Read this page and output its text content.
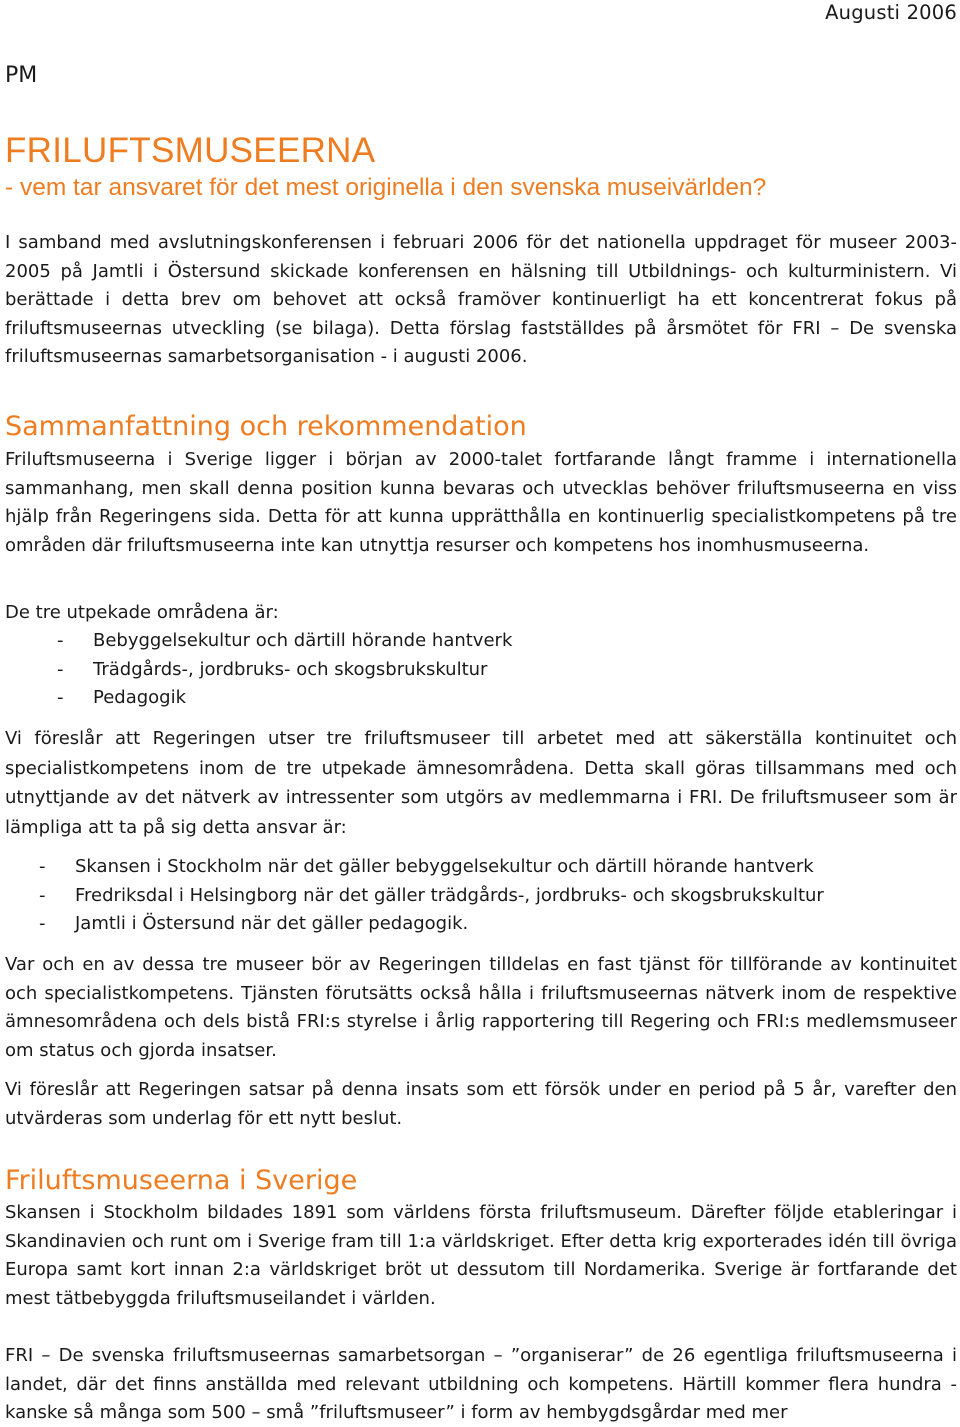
Augusti 2006
PM
FRILUFTSMUSEERNA
- vem tar ansvaret för det mest originella i den svenska museivärlden?
I samband med avslutningskonferensen i februari 2006 för det nationella uppdraget för museer 2003-2005 på Jamtli i Östersund skickade konferensen en hälsning till Utbildnings- och kulturministern. Vi berättade i detta brev om behovet att också framöver kontinuerligt ha ett koncentrerat fokus på friluftsmuseernas utveckling (se bilaga). Detta förslag fastställdes på årsmötet för FRI – De svenska friluftsmuseernas samarbetsorganisation - i augusti 2006.
Sammanfattning och rekommendation
Friluftsmuseerna i Sverige ligger i början av 2000-talet fortfarande långt framme i internationella sammanhang, men skall denna position kunna bevaras och utvecklas behöver friluftsmuseerna en viss hjälp från Regeringens sida. Detta för att kunna upprätthålla en kontinuerlig specialistkompetens på tre områden där friluftsmuseerna inte kan utnyttja resurser och kompetens hos inomhusmuseerna.
De tre utpekade områdena är:
-	Bebyggelsekultur och därtill hörande hantverk
-	Trädgårds-, jordbruks- och skogsbrukskultur
-	Pedagogik
Vi föreslår att Regeringen utser tre friluftsmuseer till arbetet med att säkerställa kontinuitet och specialistkompetens inom de tre utpekade ämnesområdena. Detta skall göras tillsammans med och utnyttjande av det nätverk av intressenter som utgörs av medlemmarna i FRI. De friluftsmuseer som är lämpliga att ta på sig detta ansvar är:
-	Skansen i Stockholm när det gäller bebyggelsekultur och därtill hörande hantverk
-	Fredriksdal i Helsingborg när det gäller trädgårds-, jordbruks- och skogsbrukskultur
-	Jamtli i Östersund när det gäller pedagogik.
Var och en av dessa tre museer bör av Regeringen tilldelas en fast tjänst för tillförande av kontinuitet och specialistkompetens. Tjänsten förutsätts också hålla i friluftsmuseernas nätverk inom de respektive ämnesområdena och dels bistå FRI:s styrelse i årlig rapportering till Regering och FRI:s medlemsmuseer om status och gjorda insatser.
Vi föreslår att Regeringen satsar på denna insats som ett försök under en period på 5 år, varefter den utvärderas som underlag för ett nytt beslut.
Friluftsmuseerna i Sverige
Skansen i Stockholm bildades 1891 som världens första friluftsmuseum. Därefter följde etableringar i Skandinavien och runt om i Sverige fram till 1:a världskriget. Efter detta krig exporterades idén till övriga Europa samt kort innan 2:a världskriget bröt ut dessutom till Nordamerika. Sverige är fortfarande det mest tätbebyggda friluftsmuseilandet i världen.
FRI – De svenska friluftsmuseernas samarbetsorgan – ”organiserar” de 26 egentliga friluftsmuseerna i landet, där det finns anställda med relevant utbildning och kompetens. Härtill kommer flera hundra - kanske så många som 500 – små ”friluftsmuseer” i form av hembygdsgårdar med mer
